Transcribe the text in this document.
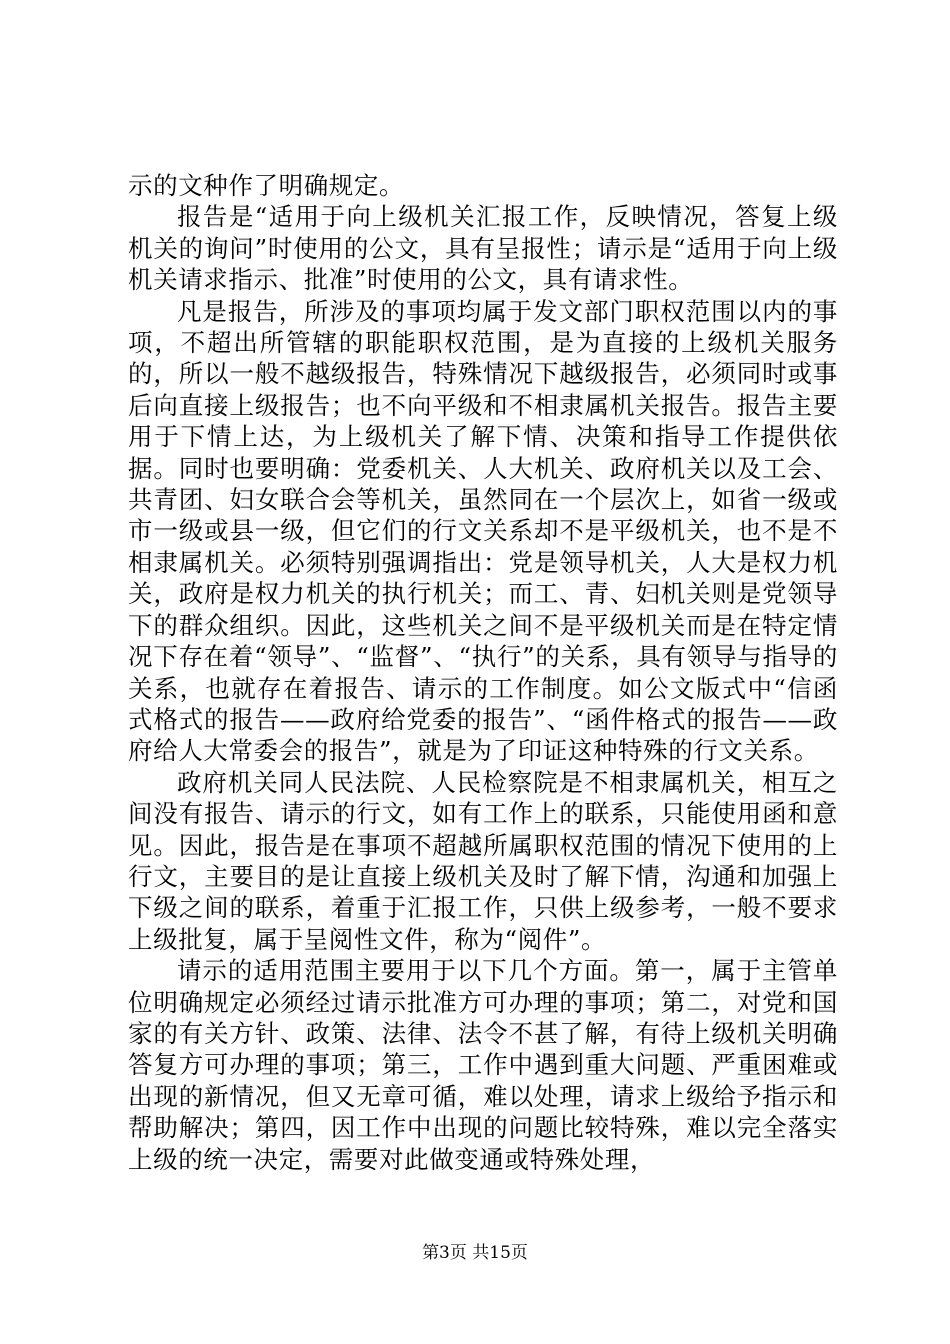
示的文种作了明确规定。

报告是“适用于向上级机关汇报工作，反映情况，答复上级机关的询问”时使用的公文，具有呈报性；请示是“适用于向上级机关请求指示、批准”时使用的公文，具有请求性。

凡是报告，所涉及的事项均属于发文部门职权范围以内的事项，不超出所管辖的职能职权范围，是为直接的上级机关服务的，所以一般不越级报告，特殊情况下越级报告，必须同时或事后向直接上级报告；也不向平级和不相隶属机关报告。报告主要用于下情上达，为上级机关了解下情、决策和指导工作提供依据。同时也要明确：党委机关、人大机关、政府机关以及工会、共青团、妇女联合会等机关，虽然同在一个层次上，如省一级或市一级或县一级，但它们的行文关系却不是平级机关，也不是不相隶属机关。必须特别强调指出：党是领导机关，人大是权力机关，政府是权力机关的执行机关；而工、青、妇机关则是党领导下的群众组织。因此，这些机关之间不是平级机关而是在特定情况下存在着“领导”、“监督”、“执行”的关系，具有领导与指导的关系，也就存在着报告、请示的工作制度。如公文版式中“信函式格式的报告——政府给党委的报告”、“函件格式的报告——政府给人大常委会的报告”，就是为了印证这种特殊的行文关系。

政府机关同人民法院、人民检察院是不相隶属机关，相互之间没有报告、请示的行文，如有工作上的联系，只能使用函和意见。因此，报告是在事项不超越所属职权范围的情况下使用的上行文，主要目的是让直接上级机关及时了解下情，沟通和加强上下级之间的联系，着重于汇报工作，只供上级参考，一般不要求上级批复，属于呈阅性文件，称为“阅件”。

请示的适用范围主要用于以下几个方面。第一，属于主管单位明确规定必须经过请示批准方可办理的事项；第二，对党和国家的有关方针、政策、法律、法令不甚了解，有待上级机关明确答复方可办理的事项；第三，工作中遇到重大问题、严重困难或出现的新情况，但又无章可循，难以处理，请求上级给予指示和帮助解决；第四，因工作中出现的问题比较特殊，难以完全落实上级的统一决定，需要对此做变通或特殊处理，

第3页 共15页
